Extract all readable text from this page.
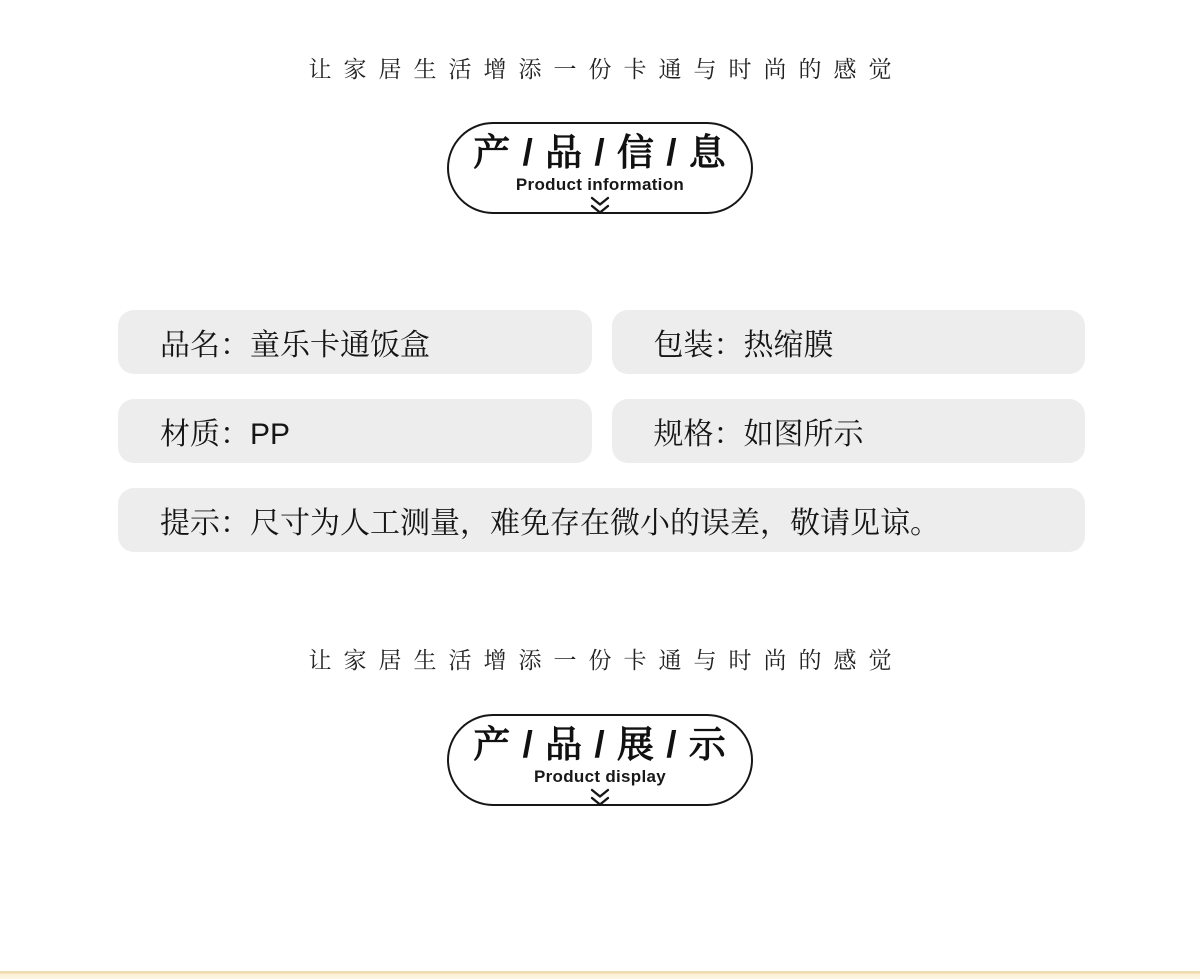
让家居生活增添一份卡通与时尚的感觉
产 / 品 / 信 / 息
Product information
品名：童乐卡通饭盒	包装：热缩膜
材质：PP	规格：如图所示
提示：尺寸为人工测量，难免存在微小的误差，敬请见谅。
让家居生活增添一份卡通与时尚的感觉
产 / 品 / 展 / 示
Product display
